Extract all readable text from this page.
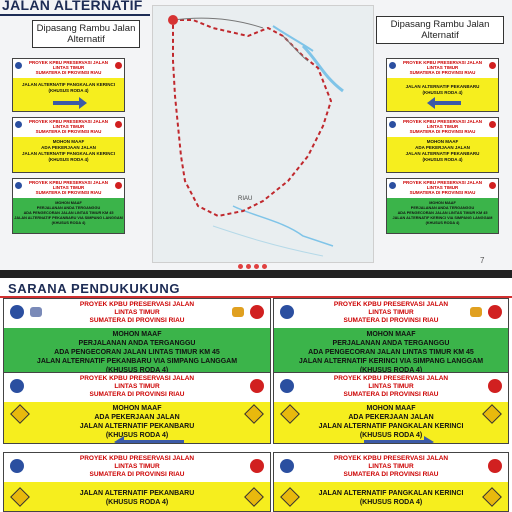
JALAN ALTERNATIF
Dipasang Rambu Jalan Alternatif
Dipasang Rambu Jalan Alternatif
RIAU
PROYEK KPBU PRESERVASI JALAN
LINTAS TIMUR
SUMATERA DI PROVINSI RIAU
JALAN ALTERNATIF PANGKALAN KERINCI
(KHUSUS RODA 4)
PROYEK KPBU PRESERVASI JALAN
LINTAS TIMUR
SUMATERA DI PROVINSI RIAU
MOHON MAAF
ADA PEKERJAAN JALAN
JALAN ALTERNATIF PANGKALAN KERINCI
(KHUSUS RODA 4)
PROYEK KPBU PRESERVASI JALAN
LINTAS TIMUR
SUMATERA DI PROVINSI RIAU
MOHON MAAF
PERJALANAN ANDA TERGANGGU
ADA PENGECORAN JALAN LINTAS TIMUR KM 45
JALAN ALTERNATIF PEKANBARU VIA SIMPANG LANGGAM
(KHUSUS RODA 4)
PROYEK KPBU PRESERVASI JALAN
LINTAS TIMUR
SUMATERA DI PROVINSI RIAU
JALAN ALTERNATIF PEKANBARU
(KHUSUS RODA 4)
PROYEK KPBU PRESERVASI JALAN
LINTAS TIMUR
SUMATERA DI PROVINSI RIAU
MOHON MAAF
ADA PEKERJAAN JALAN
JALAN ALTERNATIF PEKANBARU
(KHUSUS RODA 4)
PROYEK KPBU PRESERVASI JALAN
LINTAS TIMUR
SUMATERA DI PROVINSI RIAU
MOHON MAAF
PERJALANAN ANDA TERGANGGU
ADA PENGECORAN JALAN LINTAS TIMUR KM 45
JALAN ALTERNATIF KERINCI VIA SIMPANG LANGGAM
(KHUSUS RODA 4)
7
SARANA PENDUKUKUNG
PROYEK KPBU PRESERVASI JALAN
LINTAS TIMUR
SUMATERA DI PROVINSI RIAU
MOHON MAAF
PERJALANAN ANDA TERGANGGU
ADA PENGECORAN JALAN LINTAS TIMUR KM 45
JALAN ALTERNATIF PEKANBARU VIA SIMPANG LANGGAM
(KHUSUS RODA 4)
PROYEK KPBU PRESERVASI JALAN
LINTAS TIMUR
SUMATERA DI PROVINSI RIAU
MOHON MAAF
PERJALANAN ANDA TERGANGGU
ADA PENGECORAN JALAN LINTAS TIMUR KM 45
JALAN ALTERNATIF KERINCI VIA SIMPANG LANGGAM
(KHUSUS RODA 4)
PROYEK KPBU PRESERVASI JALAN
LINTAS TIMUR
SUMATERA DI PROVINSI RIAU
MOHON MAAF
ADA PEKERJAAN JALAN
JALAN ALTERNATIF PEKANBARU
(KHUSUS RODA 4)
PROYEK KPBU PRESERVASI JALAN
LINTAS TIMUR
SUMATERA DI PROVINSI RIAU
MOHON MAAF
ADA PEKERJAAN JALAN
JALAN ALTERNATIF PANGKALAN KERINCI
(KHUSUS RODA 4)
PROYEK KPBU PRESERVASI JALAN
LINTAS TIMUR
SUMATERA DI PROVINSI RIAU
JALAN ALTERNATIF PEKANBARU
(KHUSUS RODA 4)
PROYEK KPBU PRESERVASI JALAN
LINTAS TIMUR
SUMATERA DI PROVINSI RIAU
JALAN ALTERNATIF PANGKALAN KERINCI
(KHUSUS RODA 4)
